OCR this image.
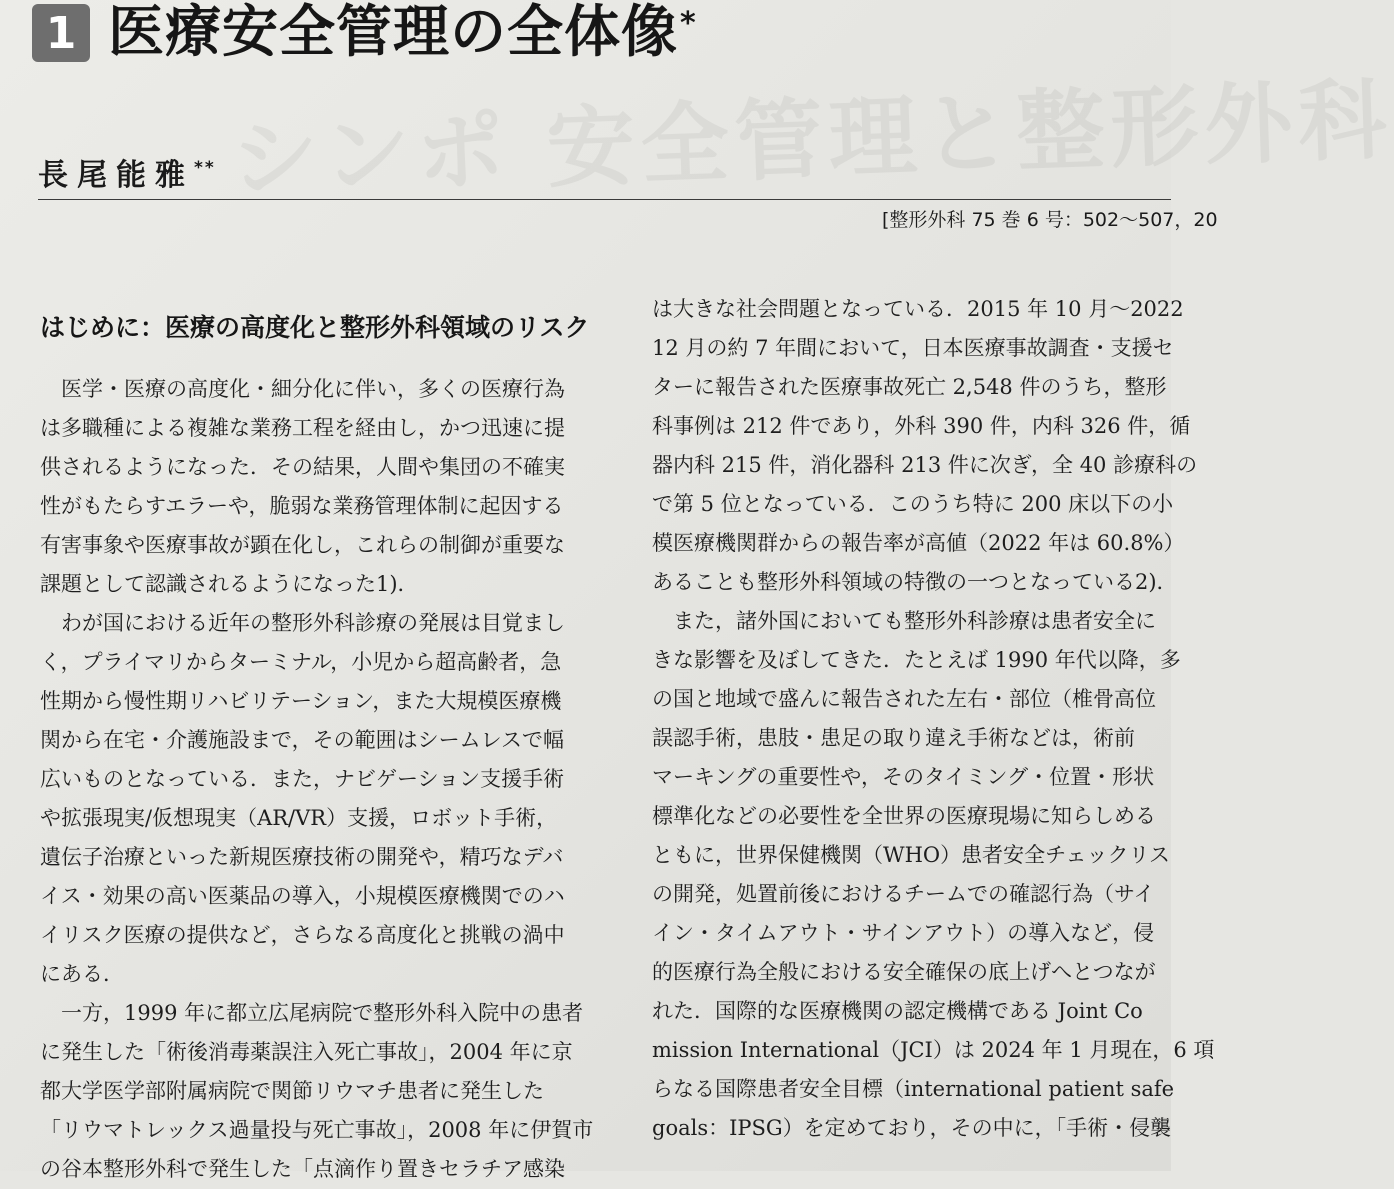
シンポ 安全管理と整形外科
1 医療安全管理の全体像*
長尾能雅**
[整形外科 75 巻 6 号：502～507，20
はじめに：医療の高度化と整形外科領域のリスク
　医学・医療の高度化・細分化に伴い，多くの医療行為
は多職種による複雑な業務工程を経由し，かつ迅速に提
供されるようになった．その結果，人間や集団の不確実
性がもたらすエラーや，脆弱な業務管理体制に起因する
有害事象や医療事故が顕在化し，これらの制御が重要な
課題として認識されるようになった1)．
　わが国における近年の整形外科診療の発展は目覚まし
く，プライマリからターミナル，小児から超高齢者，急
性期から慢性期リハビリテーション，また大規模医療機
関から在宅・介護施設まで，その範囲はシームレスで幅
広いものとなっている．また，ナビゲーション支援手術
や拡張現実/仮想現実（AR/VR）支援，ロボット手術，
遺伝子治療といった新規医療技術の開発や，精巧なデバ
イス・効果の高い医薬品の導入，小規模医療機関でのハ
イリスク医療の提供など，さらなる高度化と挑戦の渦中
にある．
　一方，1999 年に都立広尾病院で整形外科入院中の患者
に発生した「術後消毒薬誤注入死亡事故」，2004 年に京
都大学医学部附属病院で関節リウマチ患者に発生した
「リウマトレックス過量投与死亡事故」，2008 年に伊賀市
の谷本整形外科で発生した「点滴作り置きセラチア感染
は大きな社会問題となっている．2015 年 10 月～2022
12 月の約 7 年間において，日本医療事故調査・支援セ
ターに報告された医療事故死亡 2,548 件のうち，整形
科事例は 212 件であり，外科 390 件，内科 326 件，循
器内科 215 件，消化器科 213 件に次ぎ，全 40 診療科の
で第 5 位となっている．このうち特に 200 床以下の小
模医療機関群からの報告率が高値（2022 年は 60.8%）
あることも整形外科領域の特徴の一つとなっている2)．
　また，諸外国においても整形外科診療は患者安全に
きな影響を及ぼしてきた．たとえば 1990 年代以降，多
の国と地域で盛んに報告された左右・部位（椎骨高位
誤認手術，患肢・患足の取り違え手術などは，術前
マーキングの重要性や，そのタイミング・位置・形状
標準化などの必要性を全世界の医療現場に知らしめる
ともに，世界保健機関（WHO）患者安全チェックリス
の開発，処置前後におけるチームでの確認行為（サイ
イン・タイムアウト・サインアウト）の導入など，侵
的医療行為全般における安全確保の底上げへとつなが
れた．国際的な医療機関の認定機構である Joint Co
mission International（JCI）は 2024 年 1 月現在，6 項
らなる国際患者安全目標（international patient safe
goals：IPSG）を定めており，その中に，「手術・侵襲
